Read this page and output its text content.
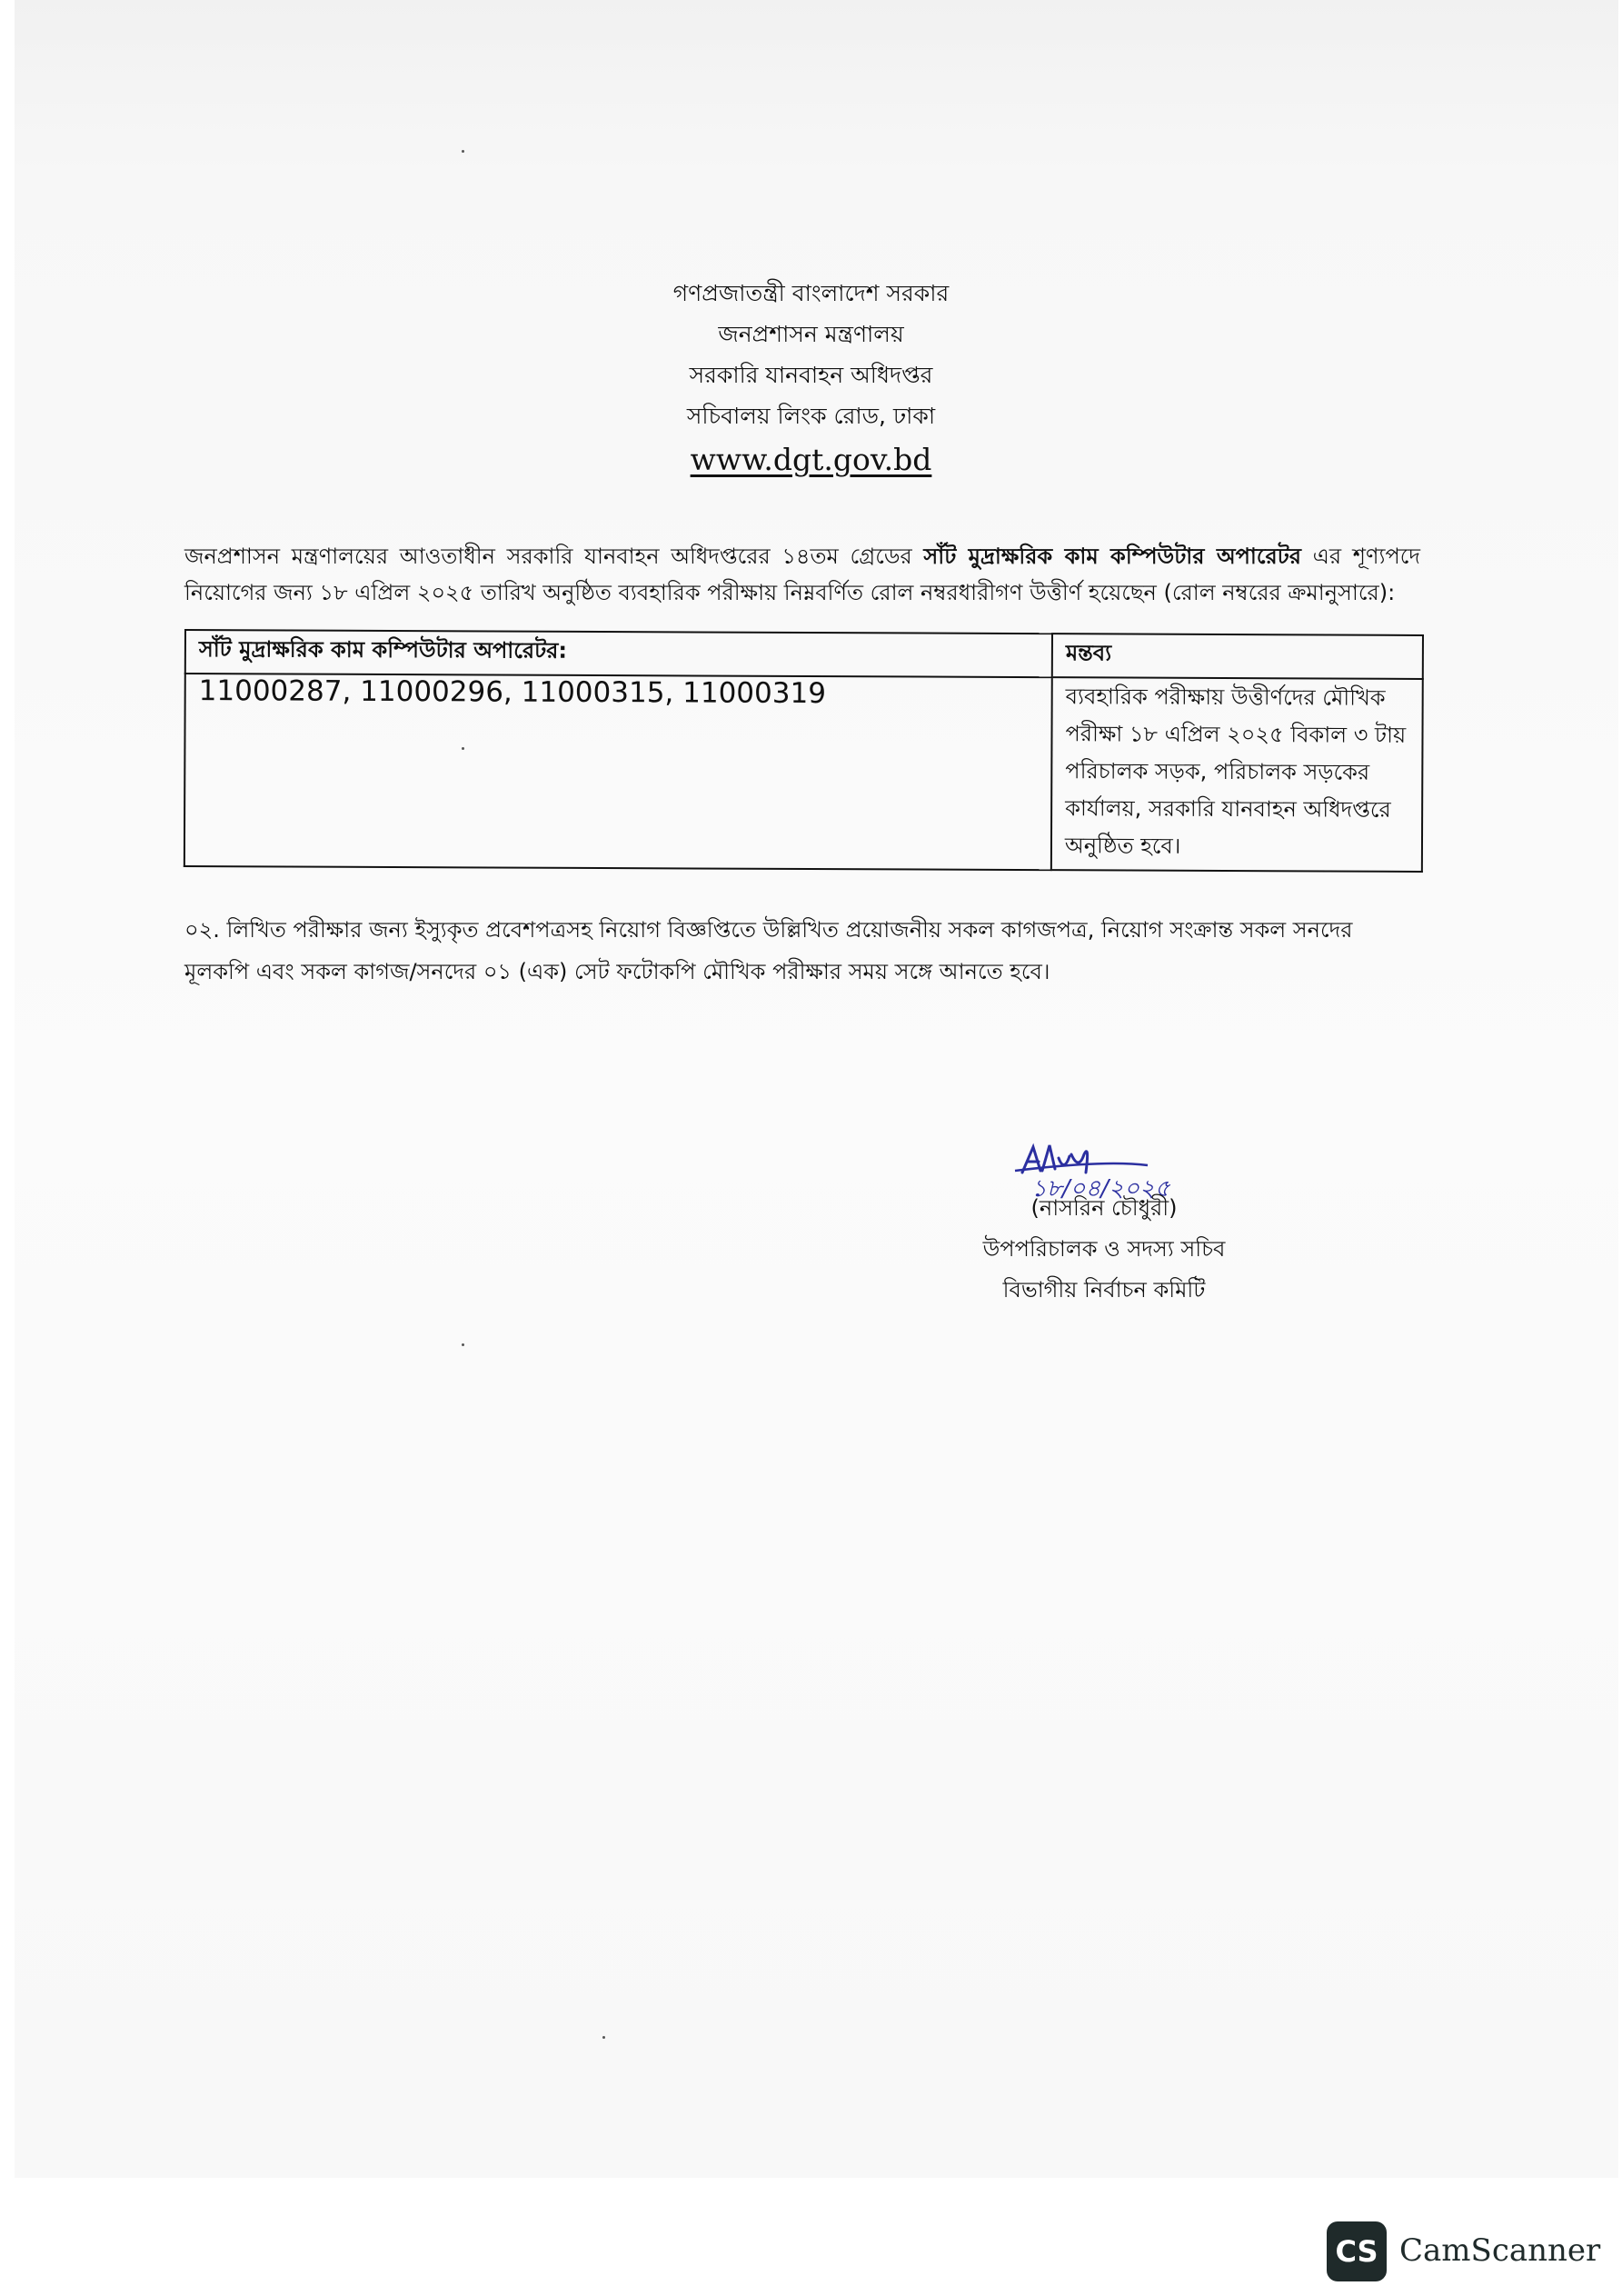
গণপ্রজাতন্ত্রী বাংলাদেশ সরকার
জনপ্রশাসন মন্ত্রণালয়
সরকারি যানবাহন অধিদপ্তর
সচিবালয় লিংক রোড, ঢাকা
www.dgt.gov.bd
জনপ্রশাসন মন্ত্রণালয়ের আওতাধীন সরকারি যানবাহন অধিদপ্তরের ১৪তম গ্রেডের সাঁট মুদ্রাক্ষরিক কাম কম্পিউটার অপারেটর এর শূণ্যপদে নিয়োগের জন্য ১৮ এপ্রিল ২০২৫ তারিখ অনুষ্ঠিত ব্যবহারিক পরীক্ষায় নিম্নবর্ণিত রোল নম্বরধারীগণ উত্তীর্ণ হয়েছেন (রোল নম্বরের ক্রমানুসারে):
সাঁট মুদ্রাক্ষরিক কাম কম্পিউটার অপারেটর:	মন্তব্য
11000287, 11000296, 11000315, 11000319	ব্যবহারিক পরীক্ষায় উত্তীর্ণদের মৌখিক পরীক্ষা ১৮ এপ্রিল ২০২৫ বিকাল ৩ টায় পরিচালক সড়ক, পরিচালক সড়কের কার্যালয়, সরকারি যানবাহন অধিদপ্তরে অনুষ্ঠিত হবে।
০২. লিখিত পরীক্ষার জন্য ইস্যুকৃত প্রবেশপত্রসহ নিয়োগ বিজ্ঞপ্তিতে উল্লিখিত প্রয়োজনীয় সকল কাগজপত্র, নিয়োগ সংক্রান্ত সকল সনদের মূলকপি এবং সকল কাগজ/সনদের ০১ (এক) সেট ফটোকপি মৌখিক পরীক্ষার সময় সঙ্গে আনতে হবে।
১৮/০৪/২০২৫
(নাসরিন চৌধুরী)
উপপরিচালক ও সদস্য সচিব
বিভাগীয় নির্বাচন কমিটি
CS CamScanner
